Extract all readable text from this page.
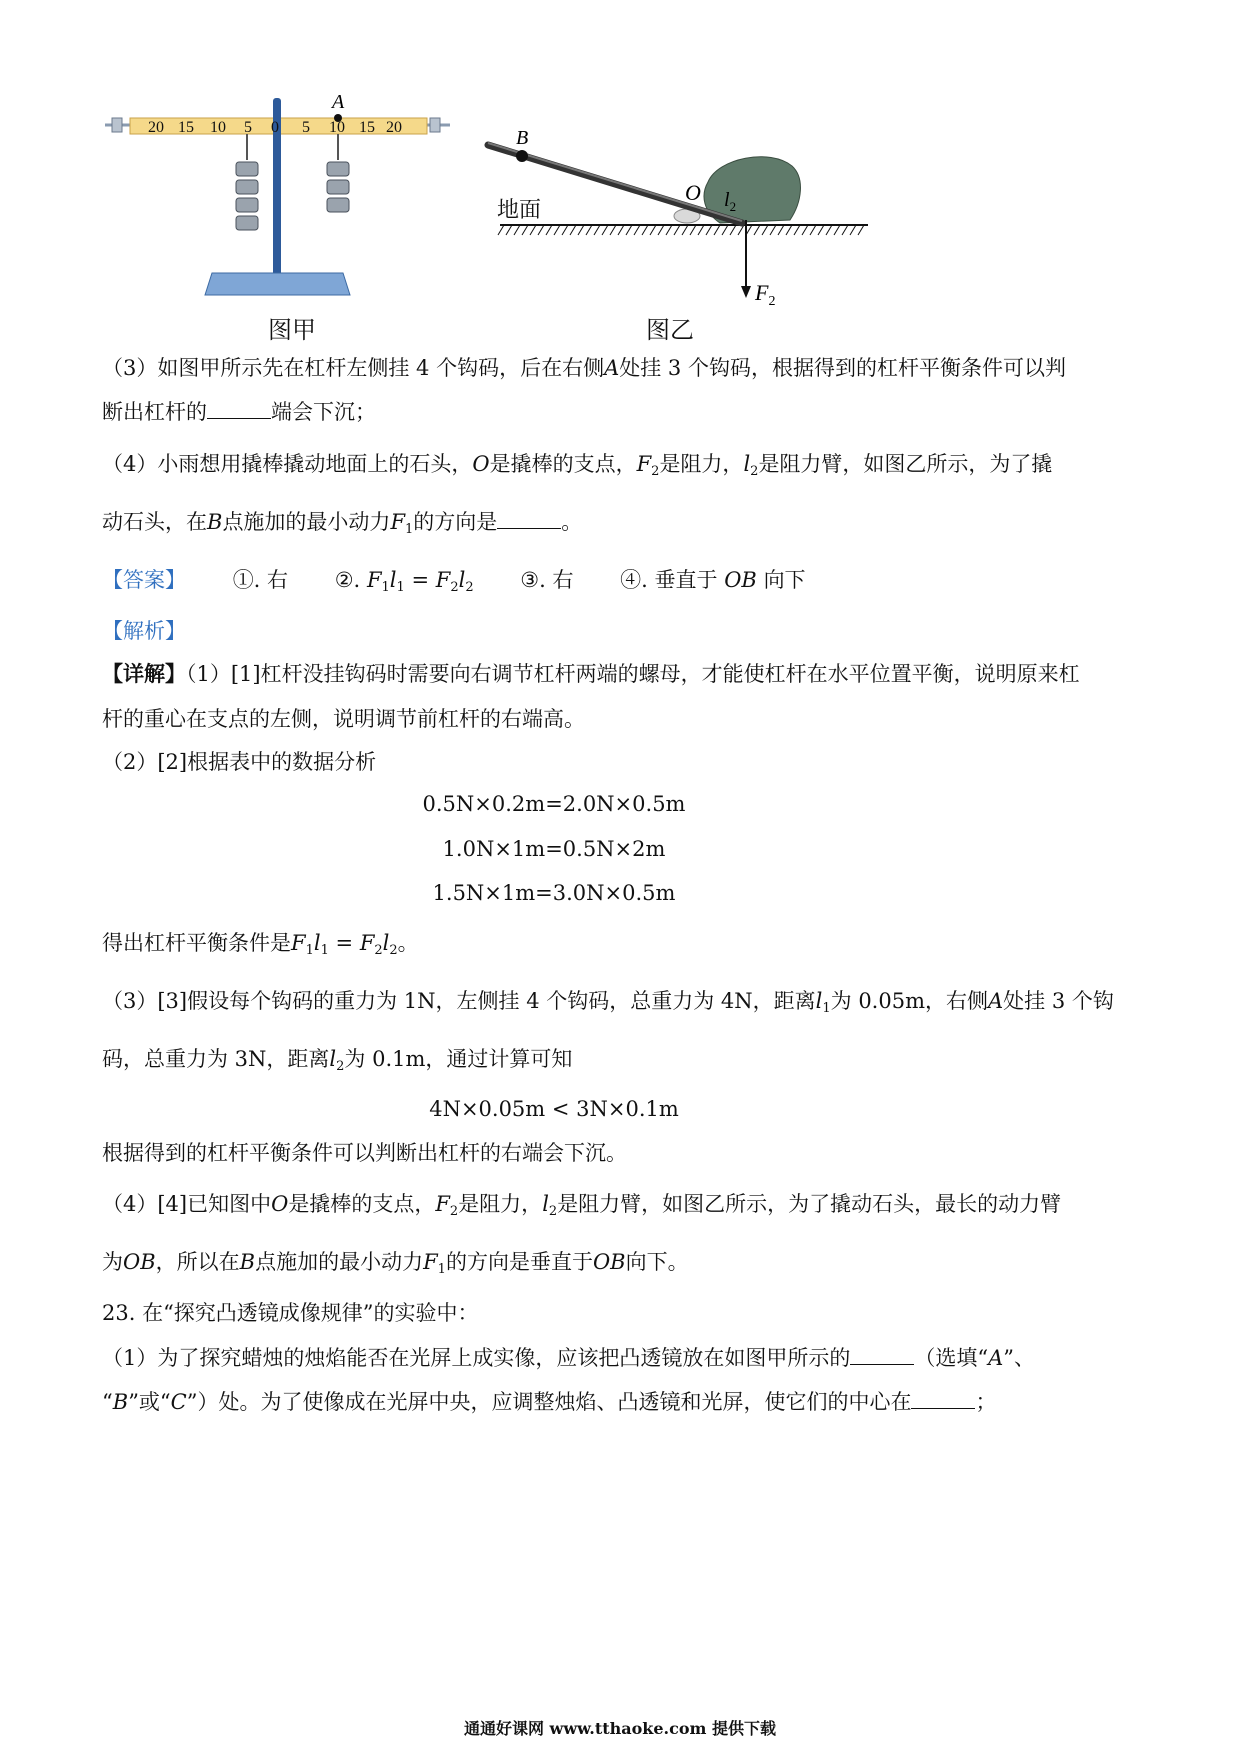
A
20 15 10 5 0 5 10 15 20
图甲
B
O $l_2$
$F_2$
地面
图乙
（3）如图甲所示先在杠杆左侧挂 4 个钩码，后在右侧A处挂 3 个钩码，根据得到的杠杆平衡条件可以判
断出杠杆的	端会下沉；
（4）小雨想用撬棒撬动地面上的石头，O是撬棒的支点，$F_2$是阻力，$l_2$是阻力臂，如图乙所示，为了撬
动石头，在B点施加的最小动力$F_1$的方向是	。
【答案】 ①. 右 ②. $F_1l_1 = F_2l_2$ ③. 右 ④. 垂直于 OB 向下
【解析】
【详解】（1）[1]杠杆没挂钩码时需要向右调节杠杆两端的螺母，才能使杠杆在水平位置平衡，说明原来杠
杆的重心在支点的左侧，说明调节前杠杆的右端高。
（2）[2]根据表中的数据分析
0.5N×0.2m=2.0N×0.5m
1.0N×1m=0.5N×2m
1.5N×1m=3.0N×0.5m
得出杠杆平衡条件是$F_1l_1 = F_2l_2$。
（3）[3]假设每个钩码的重力为 1N，左侧挂 4 个钩码，总重力为 4N，距离$l_1$为 0.05m，右侧A处挂 3 个钩
码，总重力为 3N，距离$l_2$为 0.1m，通过计算可知
4N×0.05m < 3N×0.1m
根据得到的杠杆平衡条件可以判断出杠杆的右端会下沉。
（4）[4]已知图中O是撬棒的支点，$F_2$是阻力，$l_2$是阻力臂，如图乙所示，为了撬动石头，最长的动力臂
为OB，所以在B点施加的最小动力$F_1$的方向是垂直于OB向下。
23. 在“探究凸透镜成像规律”的实验中：
（1）为了探究蜡烛的烛焰能否在光屏上成实像，应该把凸透镜放在如图甲所示的	（选填“A”、
“B”或“C”）处。为了使像成在光屏中央，应调整烛焰、凸透镜和光屏，使它们的中心在	；
通通好课网 www.tthaoke.com 提供下载
